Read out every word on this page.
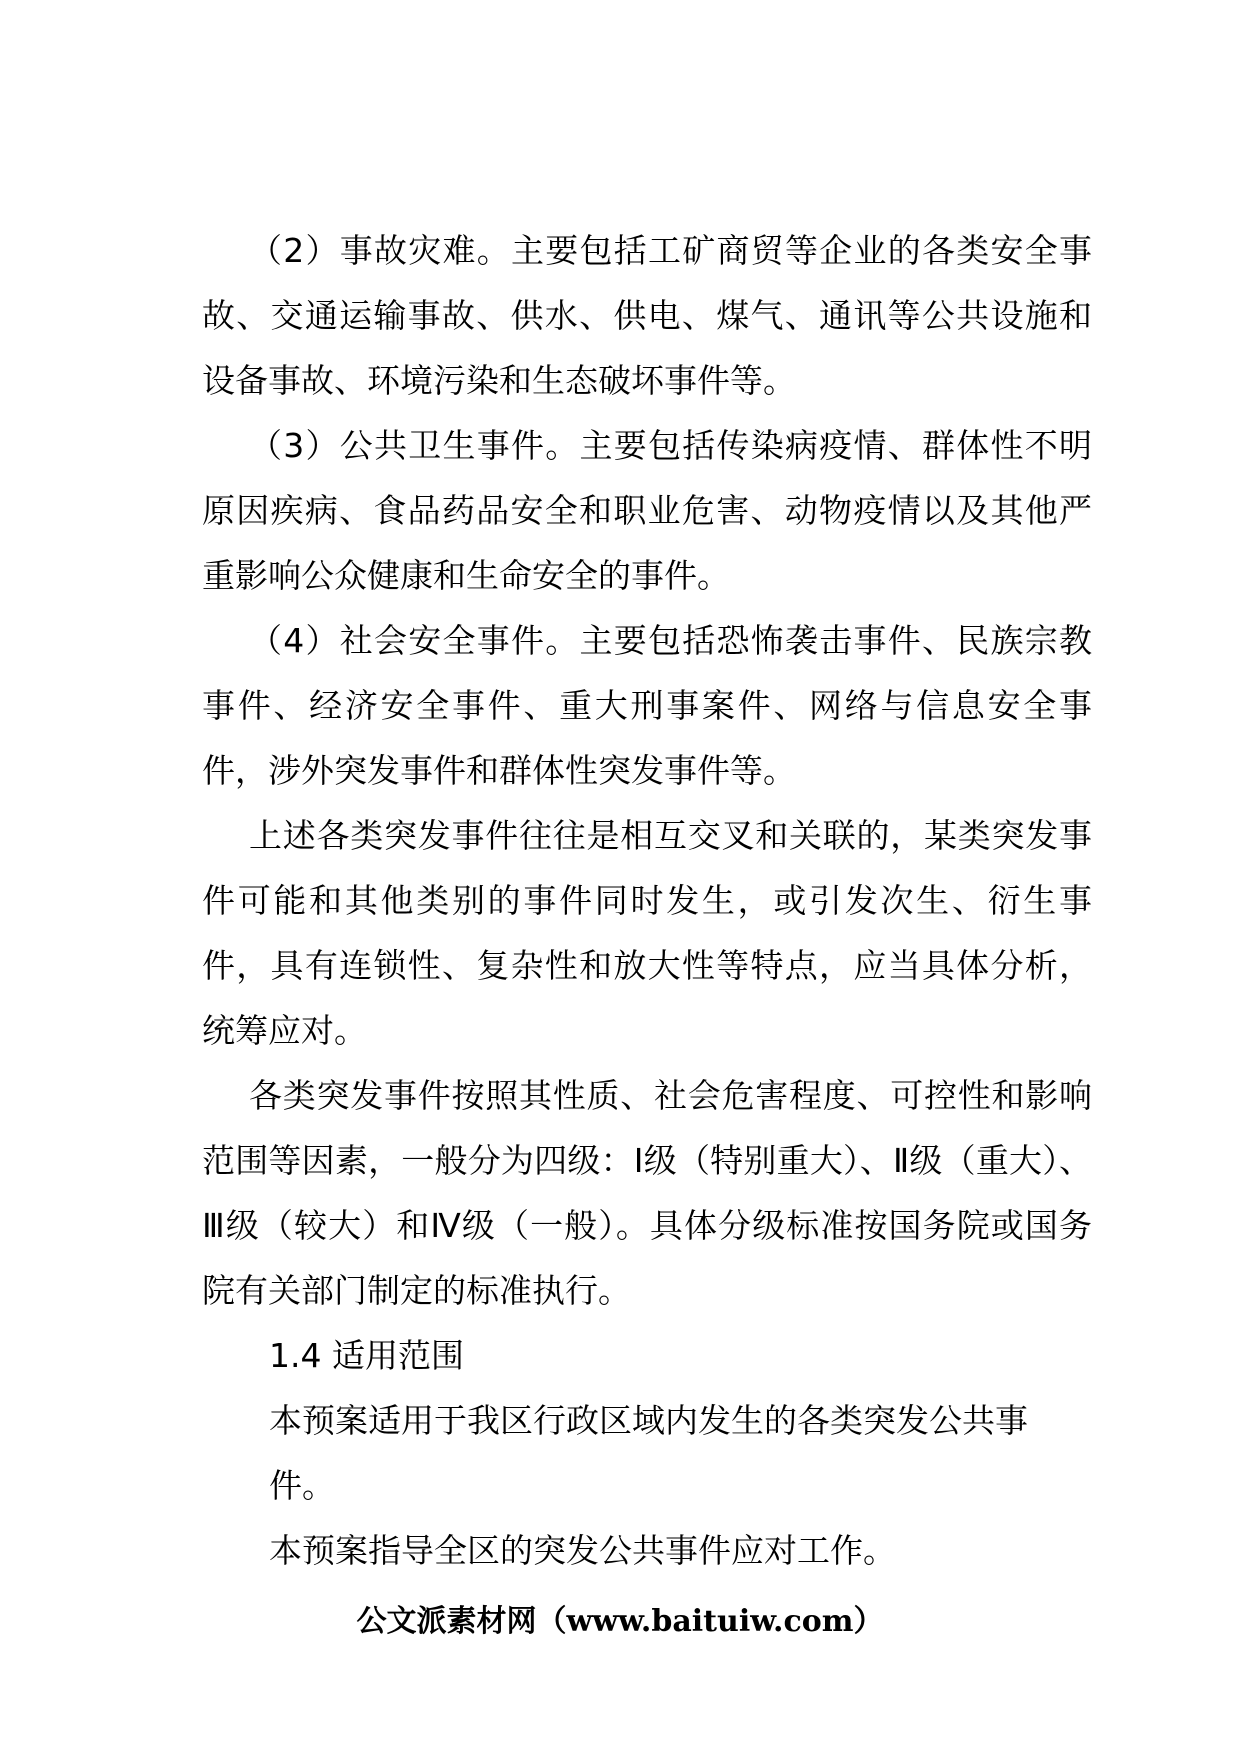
（2）事故灾难。主要包括工矿商贸等企业的各类安全事故、交通运输事故、供水、供电、煤气、通讯等公共设施和设备事故、环境污染和生态破坏事件等。

（3）公共卫生事件。主要包括传染病疫情、群体性不明原因疾病、食品药品安全和职业危害、动物疫情以及其他严重影响公众健康和生命安全的事件。

（4）社会安全事件。主要包括恐怖袭击事件、民族宗教事件、经济安全事件、重大刑事案件、网络与信息安全事件，涉外突发事件和群体性突发事件等。

上述各类突发事件往往是相互交叉和关联的，某类突发事件可能和其他类别的事件同时发生，或引发次生、衍生事件，具有连锁性、复杂性和放大性等特点，应当具体分析，统筹应对。

各类突发事件按照其性质、社会危害程度、可控性和影响范围等因素，一般分为四级：Ⅰ级（特别重大）、Ⅱ级（重大）、Ⅲ级（较大）和Ⅳ级（一般）。具体分级标准按国务院或国务院有关部门制定的标准执行。

1.4 适用范围

本预案适用于我区行政区域内发生的各类突发公共事件。

本预案指导全区的突发公共事件应对工作。

公文派素材网（www.baituiw.com）
